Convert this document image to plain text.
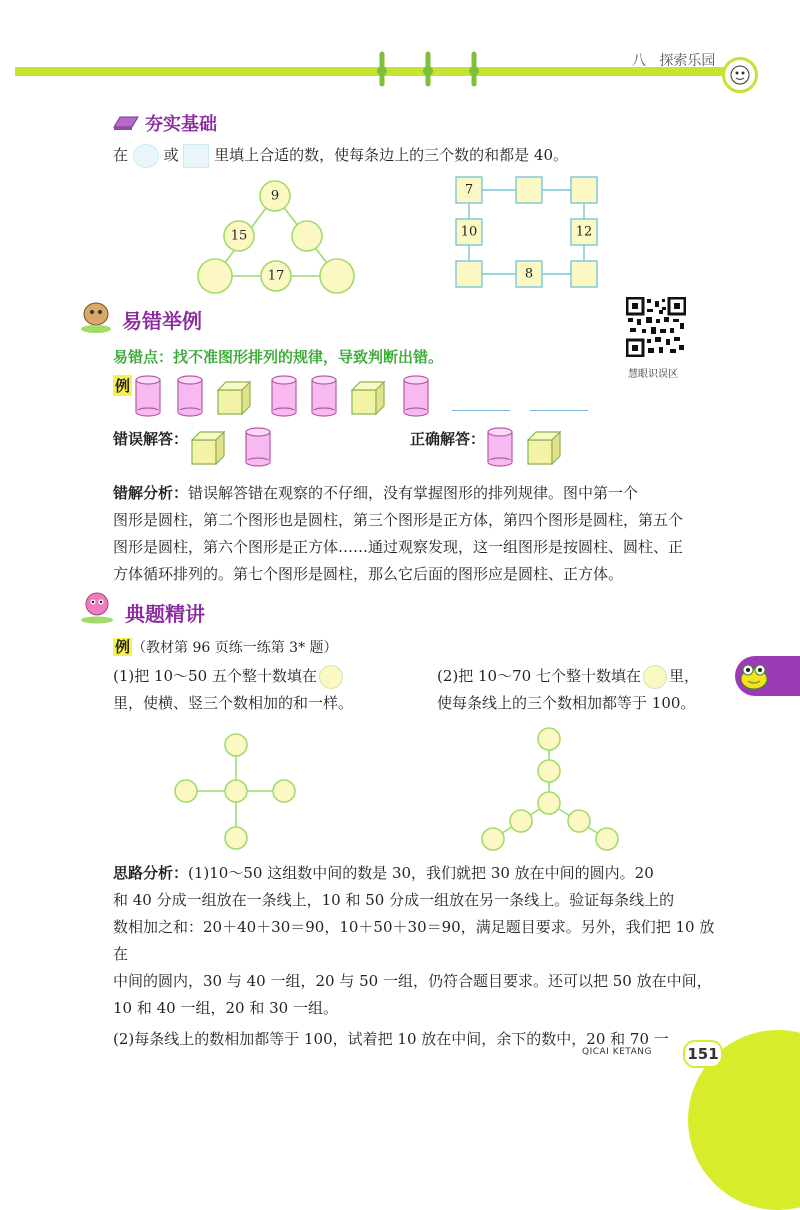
八 探索乐园
夯实基础
在 或 里填上合适的数，使每条边上的三个数的和都是 40。
9
15
17
7
10	12
8
易错举例
慧眼识误区
易错点：找不准图形排列的规律，导致判断出错。
例
错误解答：	正确解答：
错解分析：错误解答错在观察的不仔细，没有掌握图形的排列规律。图中第一个
图形是圆柱，第二个图形也是圆柱，第三个图形是正方体，第四个图形是圆柱，第五个
图形是圆柱，第六个图形是正方体……通过观察发现，这一组图形是按圆柱、圆柱、正
方体循环排列的。第七个图形是圆柱，那么它后面的图形应是圆柱、正方体。
典题精讲
例 （教材第 96 页练一练第 3* 题）
(1)把 10～50 五个整十数填在
里，使横、竖三个数相加的和一样。
(2)把 10～70 七个整十数填在 里，
使每条线上的三个数相加都等于 100。
思路分析：(1)10～50 这组数中间的数是 30，我们就把 30 放在中间的圆内。20
和 40 分成一组放在一条线上，10 和 50 分成一组放在另一条线上。验证每条线上的
数相加之和：20＋40＋30＝90，10＋50＋30＝90，满足题目要求。另外，我们把 10 放在
中间的圆内，30 与 40 一组，20 与 50 一组，仍符合题目要求。还可以把 50 放在中间，
10 和 40 一组，20 和 30 一组。
(2)每条线上的数相加都等于 100，试着把 10 放在中间，余下的数中，20 和 70 一
QICAI KETANG 151
